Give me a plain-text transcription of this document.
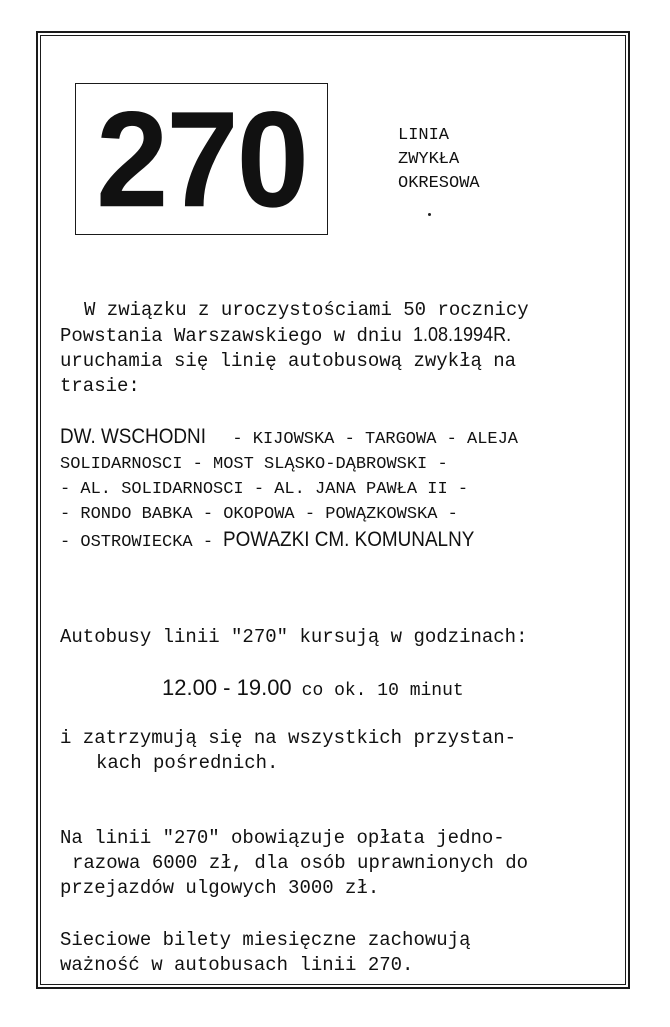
270	LINIA
ZWYKŁA
OKRESOWA
W związku z uroczystościami 50 rocznicy
Powstania Warszawskiego w dniu 1.08.1994R.
uruchamia się linię autobusową zwykłą na
trasie:
DW. WSCHODNI - KIJOWSKA - TARGOWA - ALEJA
SOLIDARNOSCI - MOST SLĄSKO-DĄBROWSKI -
- AL. SOLIDARNOSCI - AL. JANA PAWŁA II -
- RONDO BABKA - OKOPOWA - POWĄZKOWSKA -
- OSTROWIECKA - POWAZKI CM. KOMUNALNY
Autobusy linii "270" kursują w godzinach:
12.00 - 19.00 co ok. 10 minut
i zatrzymują się na wszystkich przystan-
kach pośrednich.
Na linii "270" obowiązuje opłata jedno-
razowa 6000 zł, dla osób uprawnionych do
przejazdów ulgowych 3000 zł.
Sieciowe bilety miesięczne zachowują
ważność w autobusach linii 270.
